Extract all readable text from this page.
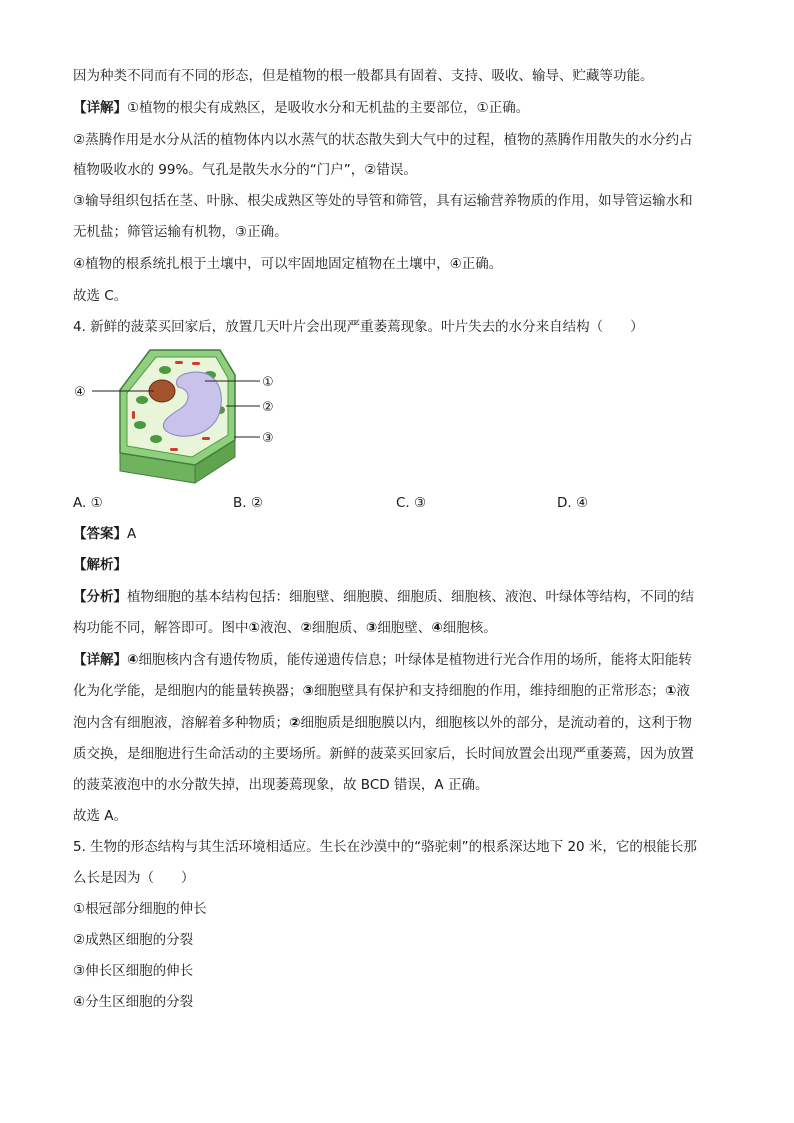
因为种类不同而有不同的形态，但是植物的根一般都具有固着、支持、吸收、输导、贮藏等功能。
【详解】①植物的根尖有成熟区，是吸收水分和无机盐的主要部位，①正确。
②蒸腾作用是水分从活的植物体内以水蒸气的状态散失到大气中的过程，植物的蒸腾作用散失的水分约占
植物吸收水的 99%。气孔是散失水分的“门户”，②错误。
③输导组织包括在茎、叶脉、根尖成熟区等处的导管和筛管，具有运输营养物质的作用，如导管运输水和
无机盐；筛管运输有机物，③正确。
④植物的根系统扎根于土壤中，可以牢固地固定植物在土壤中，④正确。
故选 C。
4. 新鲜的菠菜买回家后，放置几天叶片会出现严重萎蔫现象。叶片失去的水分来自结构（　　）
④
①
②
③
A. ①	B. ②	C. ③	D. ④
【答案】A
【解析】
【分析】植物细胞的基本结构包括：细胞壁、细胞膜、细胞质、细胞核、液泡、叶绿体等结构，不同的结
构功能不同，解答即可。图中①液泡、②细胞质、③细胞壁、④细胞核。
【详解】④细胞核内含有遗传物质，能传递遗传信息；叶绿体是植物进行光合作用的场所，能将太阳能转
化为化学能，是细胞内的能量转换器；③细胞壁具有保护和支持细胞的作用，维持细胞的正常形态；①液
泡内含有细胞液，溶解着多种物质；②细胞质是细胞膜以内，细胞核以外的部分，是流动着的，这利于物
质交换，是细胞进行生命活动的主要场所。新鲜的菠菜买回家后，长时间放置会出现严重萎蔫，因为放置
的菠菜液泡中的水分散失掉，出现萎蔫现象，故 BCD 错误，A 正确。
故选 A。
5. 生物的形态结构与其生活环境相适应。生长在沙漠中的“骆驼刺”的根系深达地下 20 米，它的根能长那
么长是因为（　　）
①根冠部分细胞的伸长
②成熟区细胞的分裂
③伸长区细胞的伸长
④分生区细胞的分裂
